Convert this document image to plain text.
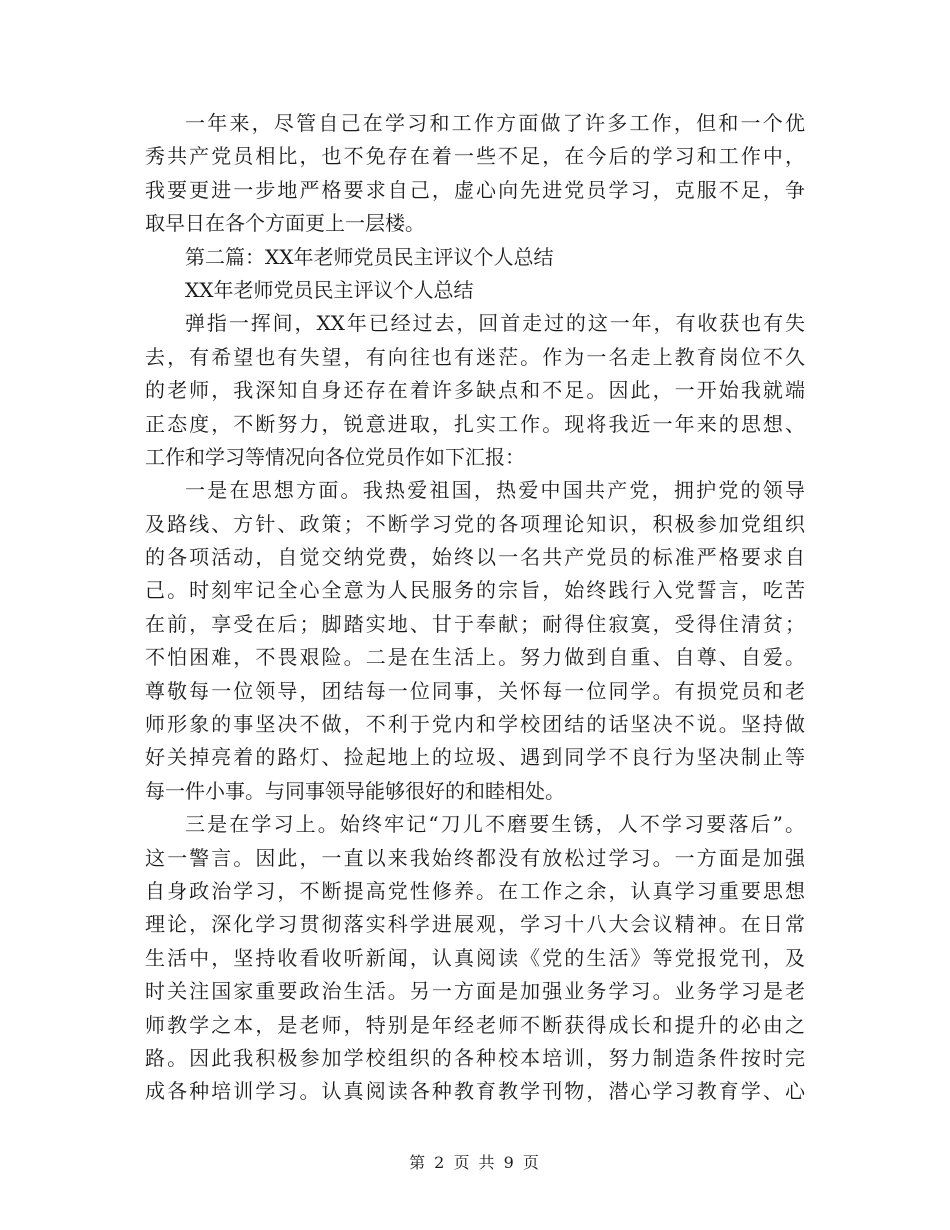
一年来，尽管自己在学习和工作方面做了许多工作，但和一个优
秀共产党员相比，也不免存在着一些不足，在今后的学习和工作中，
我要更进一步地严格要求自己，虚心向先进党员学习，克服不足，争
取早日在各个方面更上一层楼。
第二篇：XX年老师党员民主评议个人总结
XX年老师党员民主评议个人总结
弹指一挥间，XX年已经过去，回首走过的这一年，有收获也有失
去，有希望也有失望，有向往也有迷茫。作为一名走上教育岗位不久
的老师，我深知自身还存在着许多缺点和不足。因此，一开始我就端
正态度，不断努力，锐意进取，扎实工作。现将我近一年来的思想、
工作和学习等情况向各位党员作如下汇报：
一是在思想方面。我热爱祖国，热爱中国共产党，拥护党的领导
及路线、方针、政策；不断学习党的各项理论知识，积极参加党组织
的各项活动，自觉交纳党费，始终以一名共产党员的标准严格要求自
己。时刻牢记全心全意为人民服务的宗旨，始终践行入党誓言，吃苦
在前，享受在后；脚踏实地、甘于奉献；耐得住寂寞，受得住清贫；
不怕困难，不畏艰险。二是在生活上。努力做到自重、自尊、自爱。
尊敬每一位领导，团结每一位同事，关怀每一位同学。有损党员和老
师形象的事坚决不做，不利于党内和学校团结的话坚决不说。坚持做
好关掉亮着的路灯、捡起地上的垃圾、遇到同学不良行为坚决制止等
每一件小事。与同事领导能够很好的和睦相处。
三是在学习上。始终牢记“刀儿不磨要生锈，人不学习要落后”。
这一警言。因此，一直以来我始终都没有放松过学习。一方面是加强
自身政治学习，不断提高党性修养。在工作之余，认真学习重要思想
理论，深化学习贯彻落实科学进展观，学习十八大会议精神。在日常
生活中，坚持收看收听新闻，认真阅读《党的生活》等党报党刊，及
时关注国家重要政治生活。另一方面是加强业务学习。业务学习是老
师教学之本，是老师，特别是年经老师不断获得成长和提升的必由之
路。因此我积极参加学校组织的各种校本培训，努力制造条件按时完
成各种培训学习。认真阅读各种教育教学刊物，潜心学习教育学、心
第 2 页 共 9 页
